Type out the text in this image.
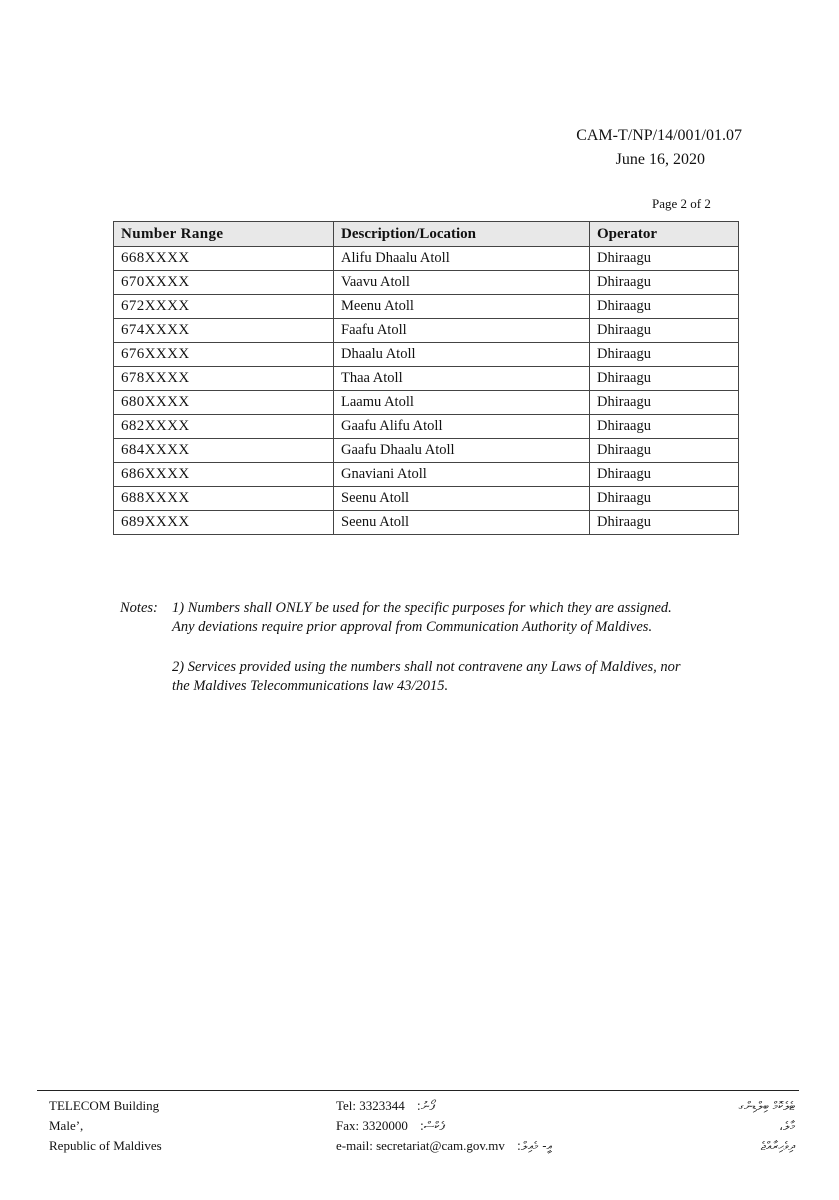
CAM-T/NP/14/001/01.07
June 16, 2020
Page 2 of 2
Number Range	Description/Location	Operator
668XXXX	Alifu Dhaalu Atoll	Dhiraagu
670XXXX	Vaavu Atoll	Dhiraagu
672XXXX	Meenu Atoll	Dhiraagu
674XXXX	Faafu Atoll	Dhiraagu
676XXXX	Dhaalu Atoll	Dhiraagu
678XXXX	Thaa Atoll	Dhiraagu
680XXXX	Laamu Atoll	Dhiraagu
682XXXX	Gaafu Alifu Atoll	Dhiraagu
684XXXX	Gaafu Dhaalu Atoll	Dhiraagu
686XXXX	Gnaviani Atoll	Dhiraagu
688XXXX	Seenu Atoll	Dhiraagu
689XXXX	Seenu Atoll	Dhiraagu
Notes: 1) Numbers shall ONLY be used for the specific purposes for which they are assigned.
Any deviations require prior approval from Communication Authority of Maldives.
2) Services provided using the numbers shall not contravene any Laws of Maldives, nor
the Maldives Telecommunications law 43/2015.
TELECOM Building
Male’,
Republic of Maldives
Tel: 3323344 ފޯނު:
Fax: 3320000 ފެކްސް:
e-mail: secretariat@cam.gov.mv އީ- މެއިލް:
ޓެލެކޮމް ބިލްޑިންގ
މާލެ،
ދިވެހިރާއްޖެ
